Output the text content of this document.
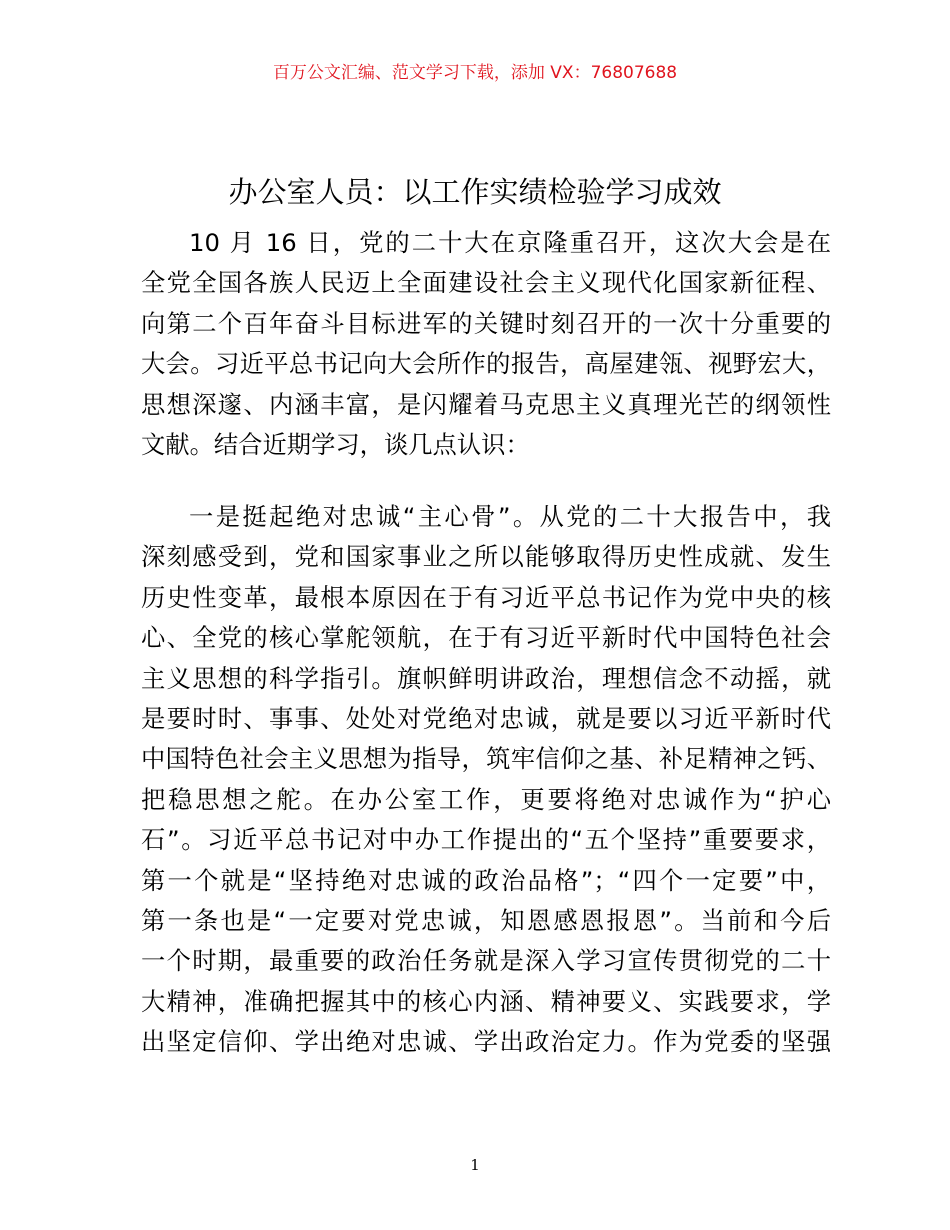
百万公文汇编、范文学习下载，添加 VX：76807688
办公室人员：以工作实绩检验学习成效
10 月 16 日，党的二十大在京隆重召开，这次大会是在
全党全国各族人民迈上全面建设社会主义现代化国家新征程、
向第二个百年奋斗目标进军的关键时刻召开的一次十分重要的
大会。习近平总书记向大会所作的报告，高屋建瓴、视野宏大，
思想深邃、内涵丰富，是闪耀着马克思主义真理光芒的纲领性
文献。结合近期学习，谈几点认识：
一是挺起绝对忠诚“主心骨”。从党的二十大报告中，我
深刻感受到，党和国家事业之所以能够取得历史性成就、发生
历史性变革，最根本原因在于有习近平总书记作为党中央的核
心、全党的核心掌舵领航，在于有习近平新时代中国特色社会
主义思想的科学指引。旗帜鲜明讲政治，理想信念不动摇，就
是要时时、事事、处处对党绝对忠诚，就是要以习近平新时代
中国特色社会主义思想为指导，筑牢信仰之基、补足精神之钙、
把稳思想之舵。在办公室工作，更要将绝对忠诚作为“护心
石”。习近平总书记对中办工作提出的“五个坚持”重要要求，
第一个就是“坚持绝对忠诚的政治品格”；“四个一定要”中，
第一条也是“一定要对党忠诚，知恩感恩报恩”。当前和今后
一个时期，最重要的政治任务就是深入学习宣传贯彻党的二十
大精神，准确把握其中的核心内涵、精神要义、实践要求，学
出坚定信仰、学出绝对忠诚、学出政治定力。作为党委的坚强
1
